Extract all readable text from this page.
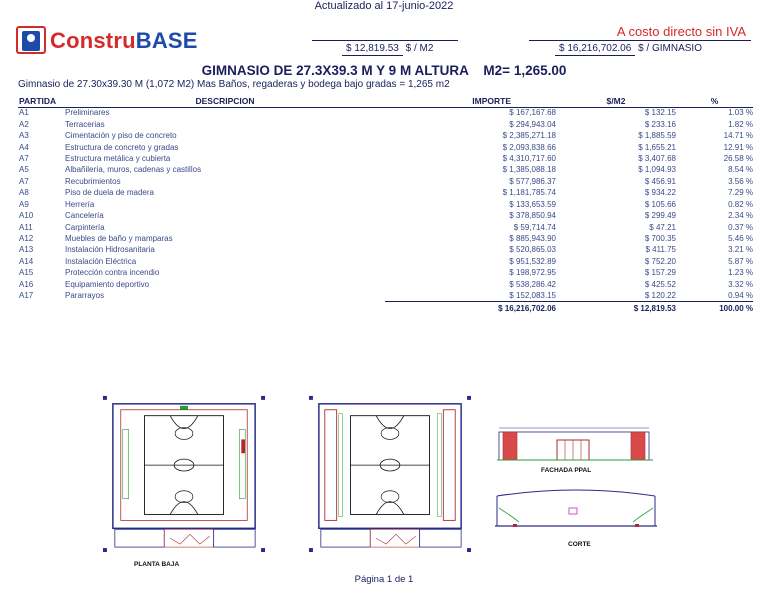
Actualizado al 17-junio-2022
ConstruBASE	A costo directo sin IVA
$ 12,819.53 $ / M2	$ 16,216,702.06 $ / GIMNASIO
GIMNASIO DE 27.3X39.3 M Y 9 M ALTURA    M2= 1,265.00
Gimnasio de 27.30x39.30 M (1,072 M2) Mas Baños, regaderas y bodega bajo gradas = 1,265 m2
PARTIDA	DESCRIPCION	IMPORTE	$/M2	%
A1	Preliminares	$ 167,167.68	$ 132.15	1.03 %
A2	Terracerias	$ 294,943.04	$ 233.16	1.82 %
A3	Cimentación y piso de concreto	$ 2,385,271.18	$ 1,885.59	14.71 %
A4	Estructura de concreto y gradas	$ 2,093,838.66	$ 1,655.21	12.91 %
A7	Estructura metálica y cubierta	$ 4,310,717.60	$ 3,407.68	26.58 %
A5	Albañilería, muros, cadenas y castillos	$ 1,385,088.18	$ 1,094.93	8.54 %
A7	Recubrimientos	$ 577,986.37	$ 456.91	3.56 %
A8	Piso de duela de madera	$ 1,181,785.74	$ 934.22	7.29 %
A9	Herrería	$ 133,653.59	$ 105.66	0.82 %
A10	Cancelería	$ 378,850.94	$ 299.49	2.34 %
A11	Carpintería	$ 59,714.74	$ 47.21	0.37 %
A12	Muebles de baño y mamparas	$ 885,943.90	$ 700.35	5.46 %
A13	Instalación Hidrosanitaria	$ 520,865.03	$ 411.75	3.21 %
A14	Instalación Eléctrica	$ 951,532.89	$ 752.20	5.87 %
A15	Protección contra incendio	$ 198,972.95	$ 157.29	1.23 %
A16	Equipamiento deportivo	$ 538,286.42	$ 425.52	3.32 %
A17	Pararrayos	$ 152,083.15	$ 120.22	0.94 %
		$ 16,216,702.06	$ 12,819.53	100.00 %
FACHADA PPAL
CORTE
PLANTA BAJA
Página 1 de 1
